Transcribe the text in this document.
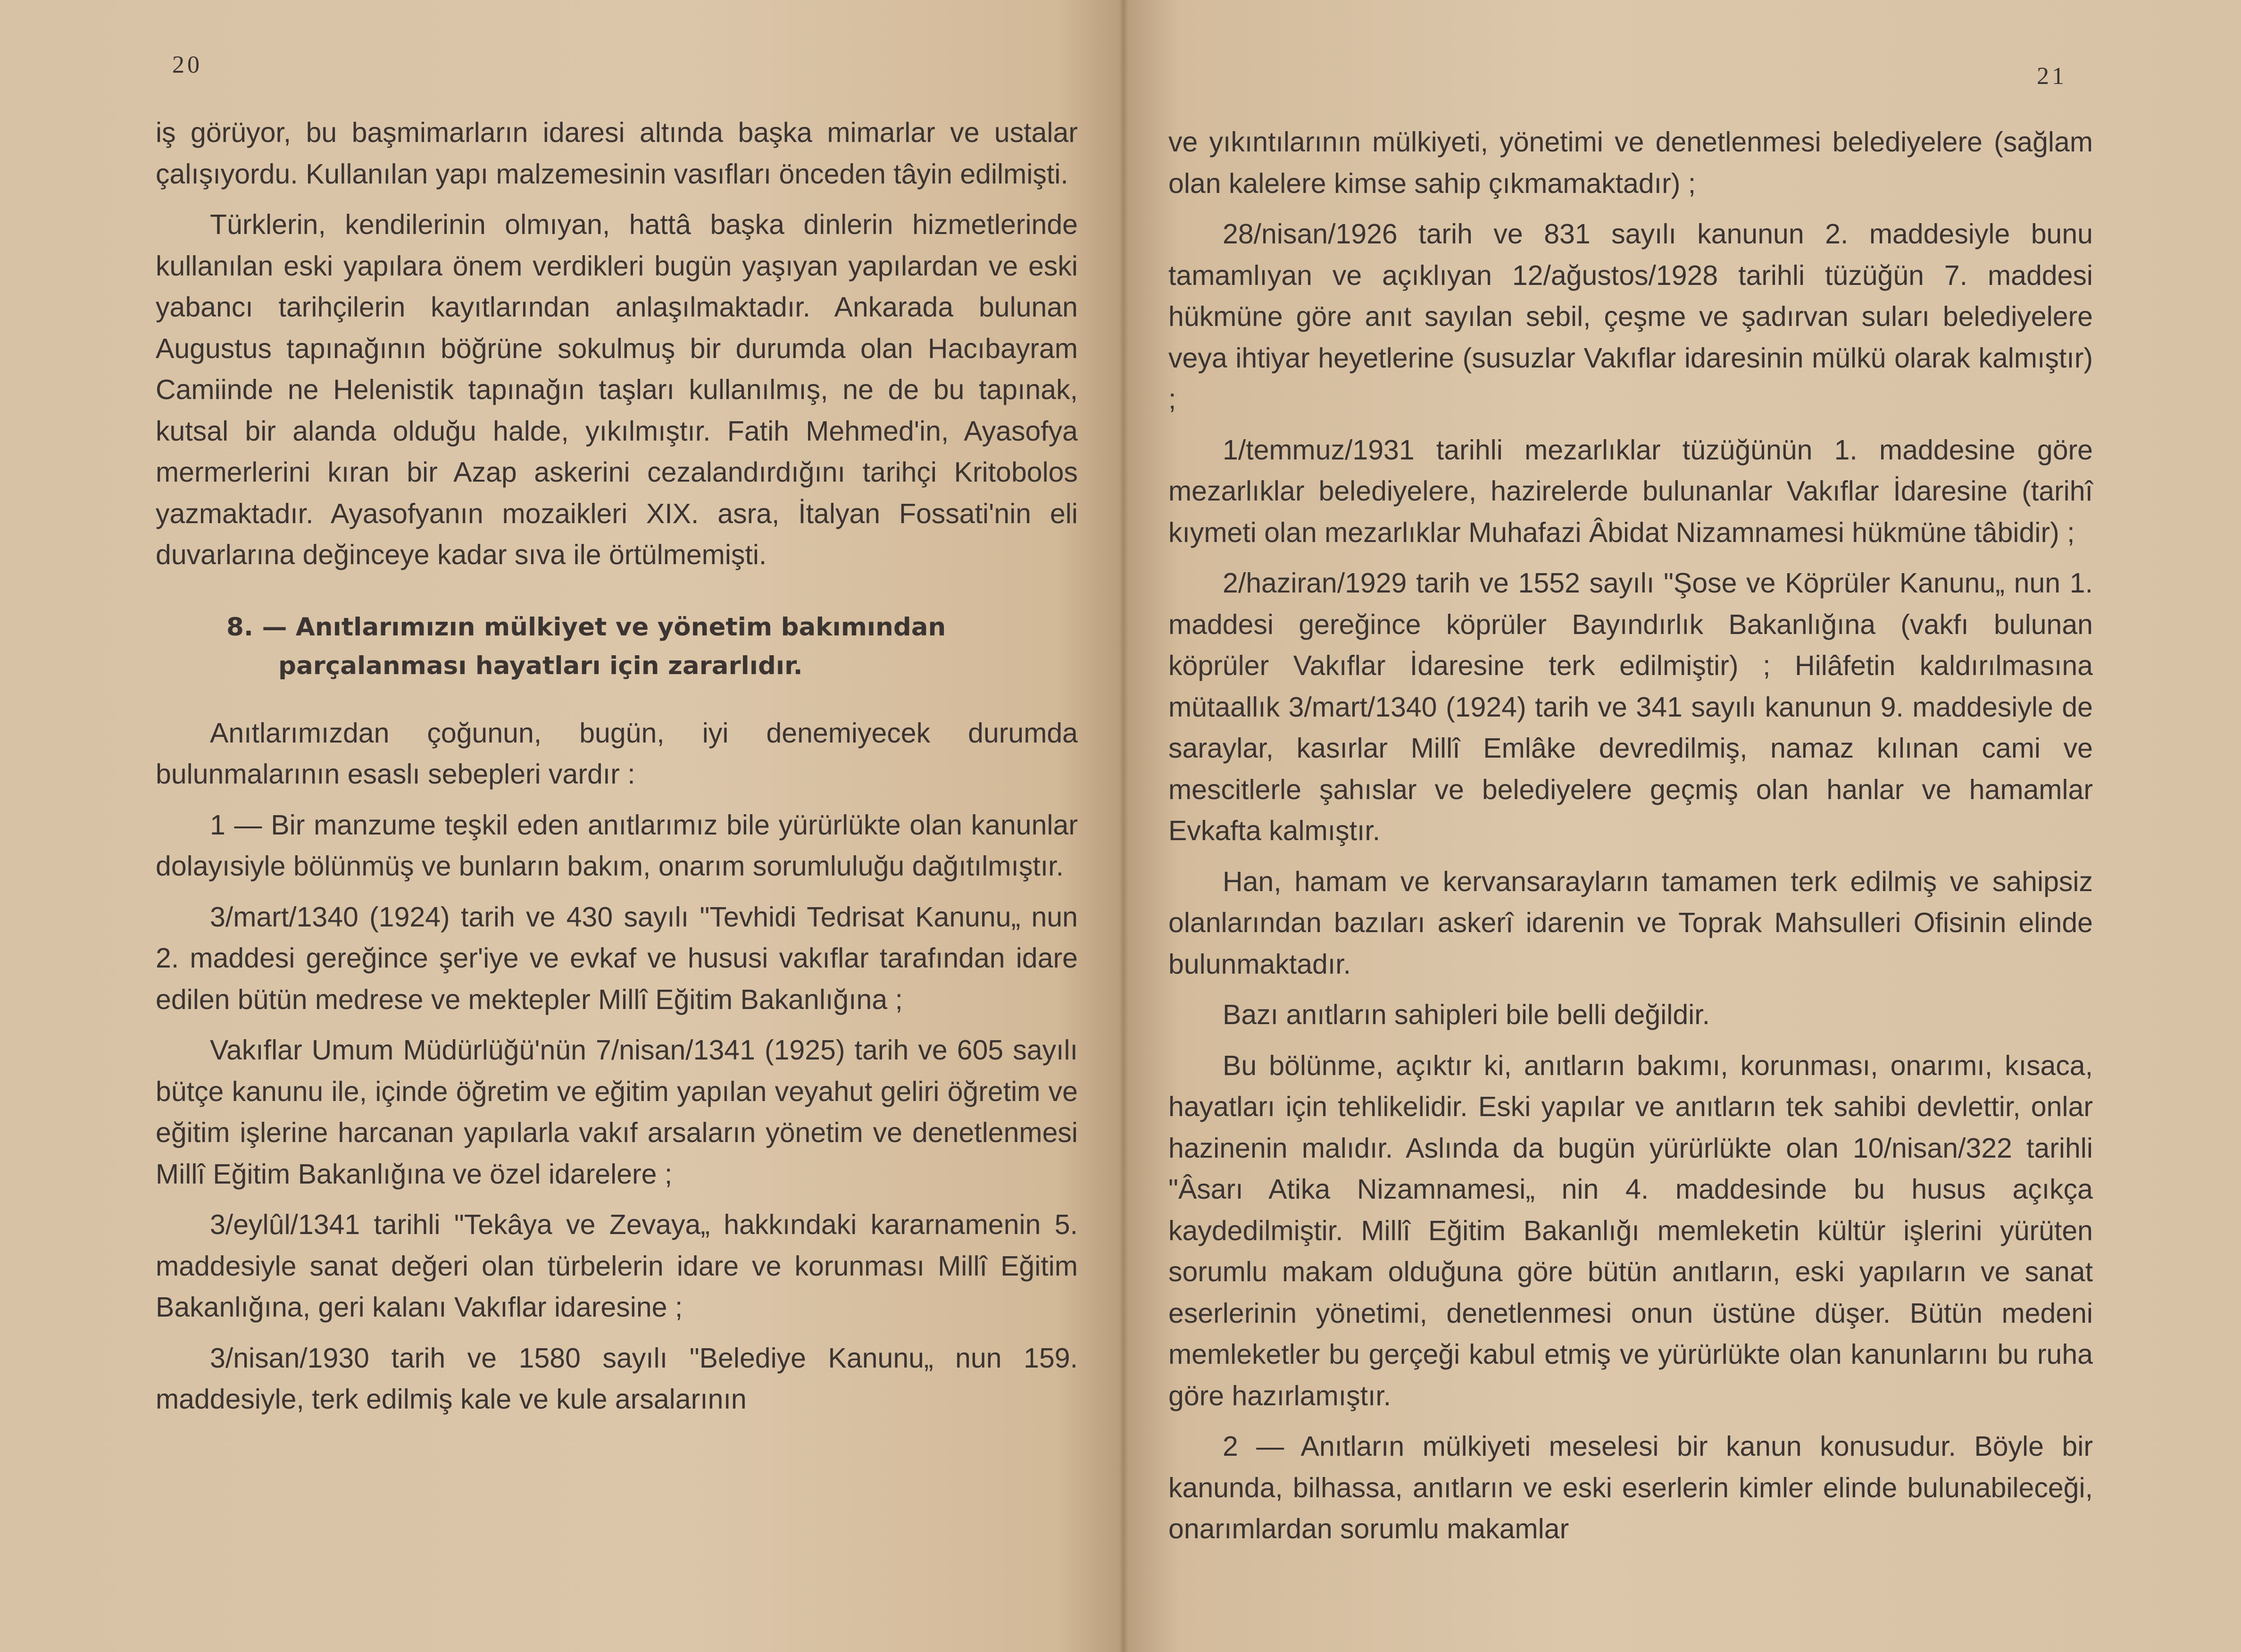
20

iş görüyor, bu başmimarların idaresi altında başka mimarlar ve ustalar çalışıyordu. Kullanılan yapı malzemesinin vasıfları önceden tâyin edilmişti.

Türklerin, kendilerinin olmıyan, hattâ başka dinlerin hizmetlerinde kullanılan eski yapılara önem verdikleri bugün yaşıyan yapılardan ve eski yabancı tarihçilerin kayıtlarından anlaşılmaktadır. Ankarada bulunan Augustus tapınağının böğrüne sokulmuş bir durumda olan Hacıbayram Camiinde ne Helenistik tapınağın taşları kullanılmış, ne de bu tapınak, kutsal bir alanda olduğu halde, yıkılmıştır. Fatih Mehmed'in, Ayasofya mermerlerini kıran bir Azap askerini cezalandırdığını tarihçi Kritobolos yazmaktadır. Ayasofyanın mozaikleri XIX. asra, İtalyan Fossati'nin eli duvarlarına değinceye kadar sıva ile örtülmemişti.

8. — Anıtlarımızın mülkiyet ve yönetim bakımından
parçalanması hayatları için zararlıdır.

Anıtlarımızdan çoğunun, bugün, iyi denemiyecek durumda bulunmalarının esaslı sebepleri vardır :

1 — Bir manzume teşkil eden anıtlarımız bile yürürlükte olan kanunlar dolayısiyle bölünmüş ve bunların bakım, onarım sorumluluğu dağıtılmıştır.

3/mart/1340 (1924) tarih ve 430 sayılı "Tevhidi Tedrisat Kanunu„ nun 2. maddesi gereğince şer'iye ve evkaf ve hususi vakıflar tarafından idare edilen bütün medrese ve mektepler Millî Eğitim Bakanlığına ;

Vakıflar Umum Müdürlüğü'nün 7/nisan/1341 (1925) tarih ve 605 sayılı bütçe kanunu ile, içinde öğretim ve eğitim yapılan veyahut geliri öğretim ve eğitim işlerine harcanan yapılarla vakıf arsaların yönetim ve denetlenmesi Millî Eğitim Bakanlığına ve özel idarelere ;

3/eylûl/1341 tarihli "Tekâya ve Zevaya„ hakkındaki kararnamenin 5. maddesiyle sanat değeri olan türbelerin idare ve korunması Millî Eğitim Bakanlığına, geri kalanı Vakıflar idaresine ;

3/nisan/1930 tarih ve 1580 sayılı "Belediye Kanunu„ nun 159. maddesiyle, terk edilmiş kale ve kule arsalarının

21

ve yıkıntılarının mülkiyeti, yönetimi ve denetlenmesi belediyelere (sağlam olan kalelere kimse sahip çıkmamaktadır) ;

28/nisan/1926 tarih ve 831 sayılı kanunun 2. maddesiyle bunu tamamlıyan ve açıklıyan 12/ağustos/1928 tarihli tüzüğün 7. maddesi hükmüne göre anıt sayılan sebil, çeşme ve şadırvan suları belediyelere veya ihtiyar heyetlerine (susuzlar Vakıflar idaresinin mülkü olarak kalmıştır) ;

1/temmuz/1931 tarihli mezarlıklar tüzüğünün 1. maddesine göre mezarlıklar belediyelere, hazirelerde bulunanlar Vakıflar İdaresine (tarihî kıymeti olan mezarlıklar Muhafazi Âbidat Nizamnamesi hükmüne tâbidir) ;

2/haziran/1929 tarih ve 1552 sayılı "Şose ve Köprüler Kanunu„ nun 1. maddesi gereğince köprüler Bayındırlık Bakanlığına (vakfı bulunan köprüler Vakıflar İdaresine terk edilmiştir) ; Hilâfetin kaldırılmasına mütaallık 3/mart/1340 (1924) tarih ve 341 sayılı kanunun 9. maddesiyle de saraylar, kasırlar Millî Emlâke devredilmiş, namaz kılınan cami ve mescitlerle şahıslar ve belediyelere geçmiş olan hanlar ve hamamlar Evkafta kalmıştır.

Han, hamam ve kervansarayların tamamen terk edilmiş ve sahipsiz olanlarından bazıları askerî idarenin ve Toprak Mahsulleri Ofisinin elinde bulunmaktadır.

Bazı anıtların sahipleri bile belli değildir.

Bu bölünme, açıktır ki, anıtların bakımı, korunması, onarımı, kısaca, hayatları için tehlikelidir. Eski yapılar ve anıtların tek sahibi devlettir, onlar hazinenin malıdır. Aslında da bugün yürürlükte olan 10/nisan/322 tarihli "Âsarı Atika Nizamnamesi„ nin 4. maddesinde bu husus açıkça kaydedilmiştir. Millî Eğitim Bakanlığı memleketin kültür işlerini yürüten sorumlu makam olduğuna göre bütün anıtların, eski yapıların ve sanat eserlerinin yönetimi, denetlenmesi onun üstüne düşer. Bütün medeni memleketler bu gerçeği kabul etmiş ve yürürlükte olan kanunlarını bu ruha göre hazırlamıştır.

2 — Anıtların mülkiyeti meselesi bir kanun konusudur. Böyle bir kanunda, bilhassa, anıtların ve eski eserlerin kimler elinde bulunabileceği, onarımlardan sorumlu makamlar
